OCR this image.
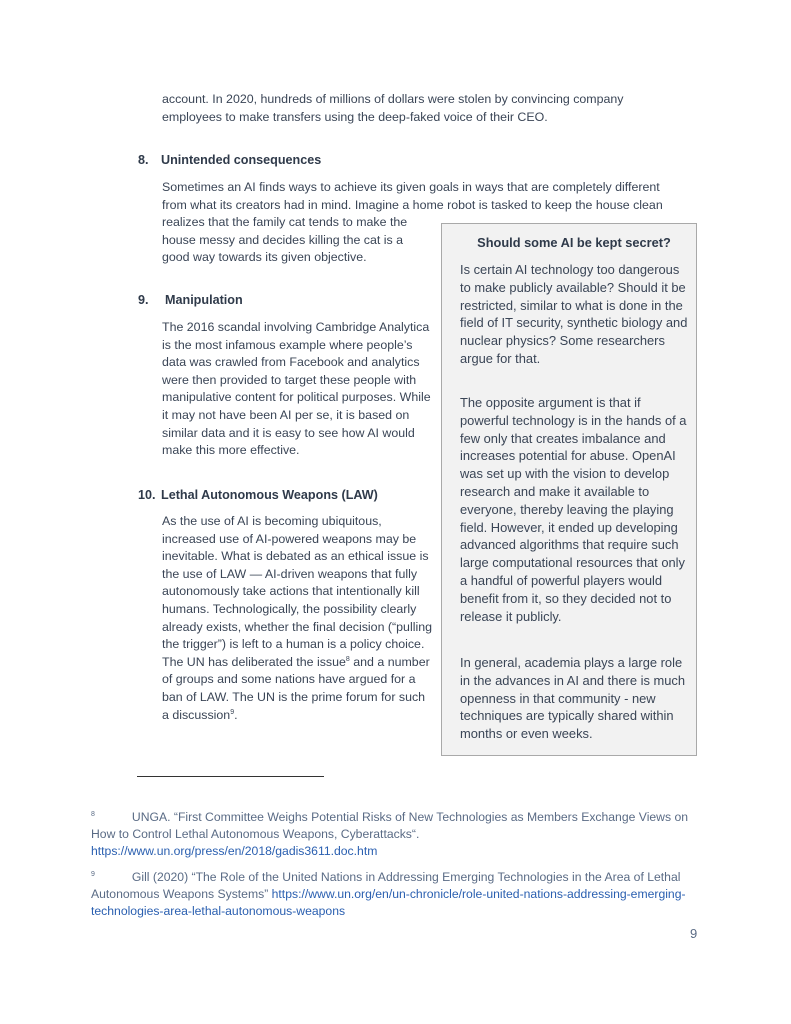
account. In 2020, hundreds of millions of dollars were stolen by convincing company

employees to make transfers using the deep-faked voice of their CEO.

8. Unintended consequences

Sometimes an AI finds ways to achieve its given goals in ways that are completely different

from what its creators had in mind. Imagine a home robot is tasked to keep the house clean

realizes that the family cat tends to make the house messy and decides killing the cat is a good way towards its given objective.

9. Manipulation

The 2016 scandal involving Cambridge Analytica is the most infamous example where people’s data was crawled from Facebook and analytics were then provided to target these people with manipulative content for political purposes. While it may not have been AI per se, it is based on similar data and it is easy to see how AI would make this more effective.

10. Lethal Autonomous Weapons (LAW)

As the use of AI is becoming ubiquitous, increased use of AI-powered weapons may be inevitable. What is debated as an ethical issue is the use of LAW — AI-driven weapons that fully autonomously take actions that intentionally kill humans. Technologically, the possibility clearly already exists, whether the final decision (“pulling the trigger”) is left to a human is a policy choice. The UN has deliberated the issue$^8$ and a number of groups and some nations have argued for a ban of LAW. The UN is the prime forum for such a discussion$^9$.

Should some AI be kept secret?

Is certain AI technology too dangerous to make publicly available? Should it be restricted, similar to what is done in the field of IT security, synthetic biology and nuclear physics? Some researchers argue for that.

The opposite argument is that if powerful technology is in the hands of a few only that creates imbalance and increases potential for abuse. OpenAI was set up with the vision to develop research and make it available to everyone, thereby leaving the playing field. However, it ended up developing advanced algorithms that require such large computational resources that only a handful of powerful players would benefit from it, so they decided not to release it publicly.

In general, academia plays a large role in the advances in AI and there is much openness in that community - new techniques are typically shared within months or even weeks.

$^8$	UNGA. “First Committee Weighs Potential Risks of New Technologies as Members Exchange Views on How to Control Lethal Autonomous Weapons, Cyberattacks“. https://www.un.org/press/en/2018/gadis3611.doc.htm

$^9$	Gill (2020) “The Role of the United Nations in Addressing Emerging Technologies in the Area of Lethal Autonomous Weapons Systems” https://www.un.org/en/un-chronicle/role-united-nations-addressing-emerging-technologies-area-lethal-autonomous-weapons

9
